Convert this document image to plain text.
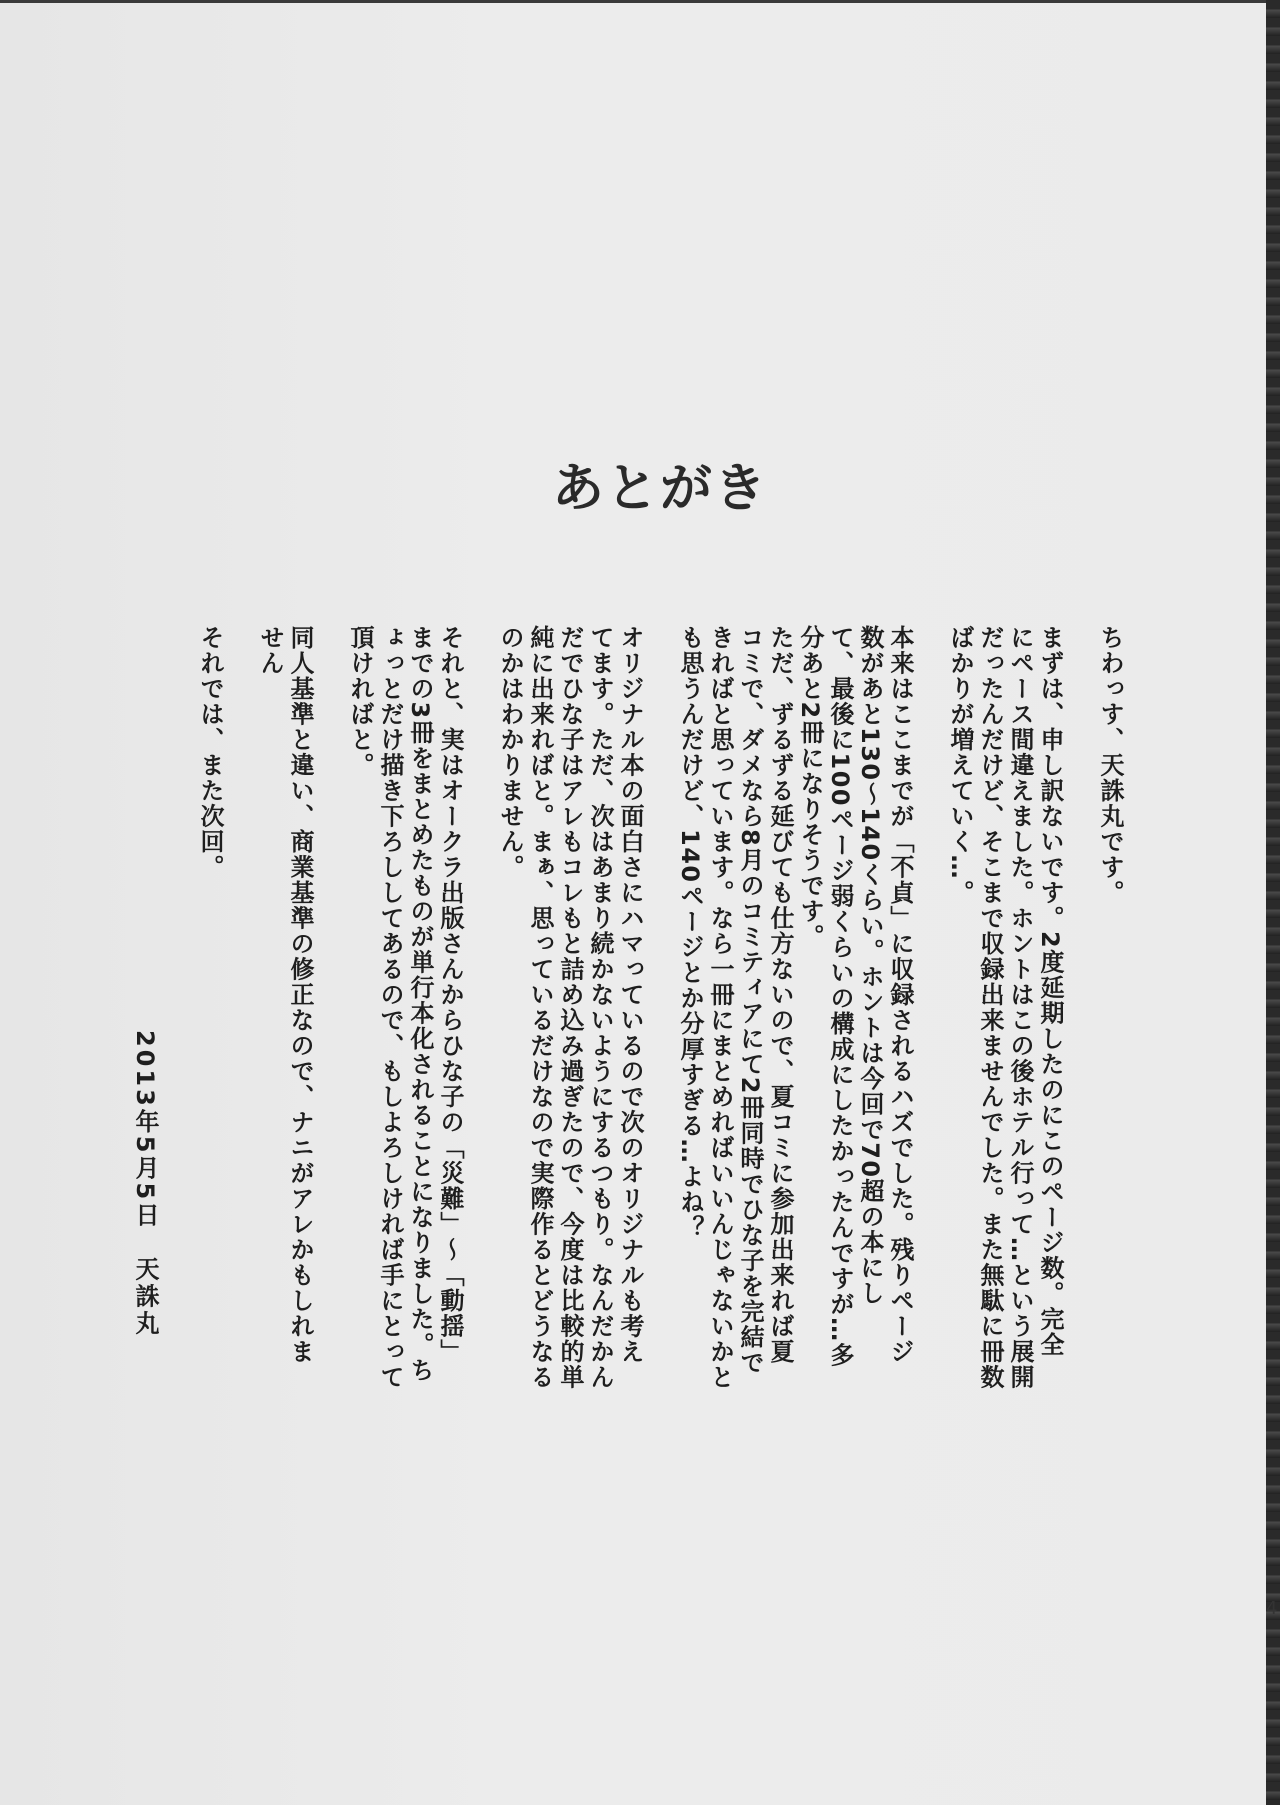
あとがき

ちわっす、天誅丸です。

まずは、申し訳ないです。2度延期したのにこのページ数。完全

にペース間違えました。ホントはこの後ホテル行って…という展開

だったんだけど、そこまで収録出来ませんでした。また無駄に冊数

ばかりが増えていく…。

本来はここまでが「不貞」に収録されるハズでした。残りページ

数があと130〜140くらい。ホントは今回で70超の本にし

て、最後に100ページ弱くらいの構成にしたかったんですが…多

分あと2冊になりそうです。

ただ、ずるずる延びても仕方ないので、夏コミに参加出来れば夏

コミで、ダメなら8月のコミティアにて2冊同時でひな子を完結で

きればと思っています。なら一冊にまとめればいいんじゃないかと

も思うんだけど、140ページとか分厚すぎる…よね？

オリジナル本の面白さにハマっているので次のオリジナルも考え

てます。ただ、次はあまり続かないようにするつもり。なんだかん

だでひな子はアレもコレもと詰め込み過ぎたので、今度は比較的単

純に出来ればと。まぁ、思っているだけなので実際作るとどうなる

のかはわかりません。

それと、実はオークラ出版さんからひな子の「災難」〜「動揺」

までの3冊をまとめたものが単行本化されることになりました。ち

ょっとだけ描き下ろししてあるので、もしよろしければ手にとって

頂ければと。

同人基準と違い、商業基準の修正なので、ナニがアレかもしれま

せん

それでは、また次回。

2013年5月5日　天誅丸
4
